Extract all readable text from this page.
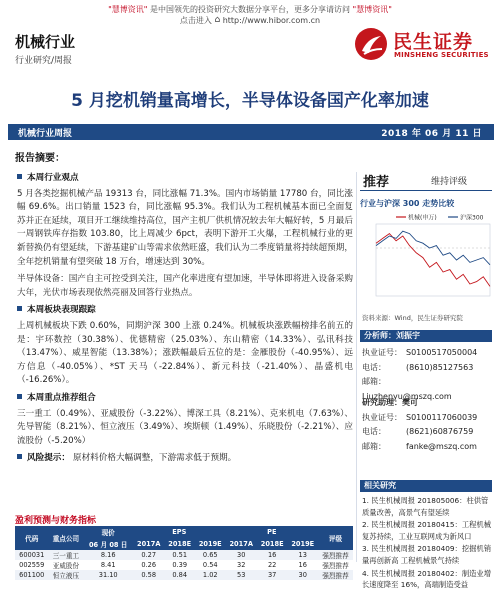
"慧博资讯" 是中国领先的投资研究大数据分享平台，更多分享请访问 "慧博资讯"
点击进入 ⌂ http://www.hibor.com.cn
机械行业
行业研究/周报
民生证券
MINSHENG SECURITIES
5 月挖机销量高增长，半导体设备国产化率加速
机械行业周报	2018 年 06 月 11 日
报告摘要：

本周行业观点

5 月各类挖掘机械产品 19313 台，同比涨幅 71.3%。国内市场销量 17780 台，同比涨幅 69.6%。出口销量 1523 台，同比涨幅 95.3%。我们认为工程机械基本面已全面复苏并正在延续，项目开工继续维持高位，国产主机厂供机情况较去年大幅好转，5 月最后一周钢铁库存指数 103.80，比上周减少 6pct，表明下游开工火爆，工程机械行业的更新替换仍有望延续，下游基建矿山等需求依然旺盛，我们认为二季度销量将持续超预期，全年挖机销量有望突破 18 万台，增速达到 30%。

半导体设备：国产自主可控受到关注，国产化率进度有望加速，半导体即将进入设备采购大年，光伏市场表现依然亮丽及回答行业热点。

本周板块表现跟踪

上周机械板块下跌 0.60%，同期沪深 300 上涨 0.24%。机械板块涨跌幅榜排名前五的是：宇环数控（30.38%）、优德精密（25.03%）、东山精密（14.33%）、弘讯科技（13.47%）、威星智能（13.38%）；涨跌幅最后五位的是：金雁股份（-40.95%）、远方信息（-40.05%）、*ST 天马（-22.84%）、新元科技（-21.40%）、晶盛机电（-16.26%）。

本周重点推荐组合

三一重工（0.49%）、亚威股份（-3.22%）、博深工具（8.21%）、克来机电（7.63%）、先导智能（8.21%）、恒立液压（3.49%）、埃斯顿（1.49%）、乐晓股份（-2.21%）、应流股份（-5.20%）

风险提示： 原材料价格大幅调整，下游需求低于预期。

盈利预测与财务指标
代码	重点公司	现价	EPS			PE			评级
		06 月 08 日	2017A	2018E	2019E	2017A	2018E	2019E	
600031	三一重工	8.16	0.27	0.51	0.65	30	16	13	强烈推荐
002559	亚威股份	8.41	0.26	0.39	0.54	32	22	16	强烈推荐
601100	恒立液压	31.10	0.58	0.84	1.02	53	37	30	强烈推荐
推荐	维持评级
行业与沪深 300 走势比较
机械(申万)	沪深300
资料来源：Wind，民生证券研究院
分析师：刘振宇
执业证号： S0100517050004
电话：	(8610)85127563
邮箱：Liuzhenyu@mszq.com
研究助理：樊可
执业证号： S0100117060039
电话：	(8621)60876759
邮箱：	fanke@mszq.com
相关研究

1. 民生机械周报 201805006：柱供管质量改善，高景气有望延续

2. 民生机械周报 20180415：工程机械复苏持续，工业互联网成为新风口

3. 民生机械周报 20180409：挖掘机销量再创新高 工程机械景气持续

4. 民生机械周报 20180402：制造业增长速度降至 16%，高端制造受益
